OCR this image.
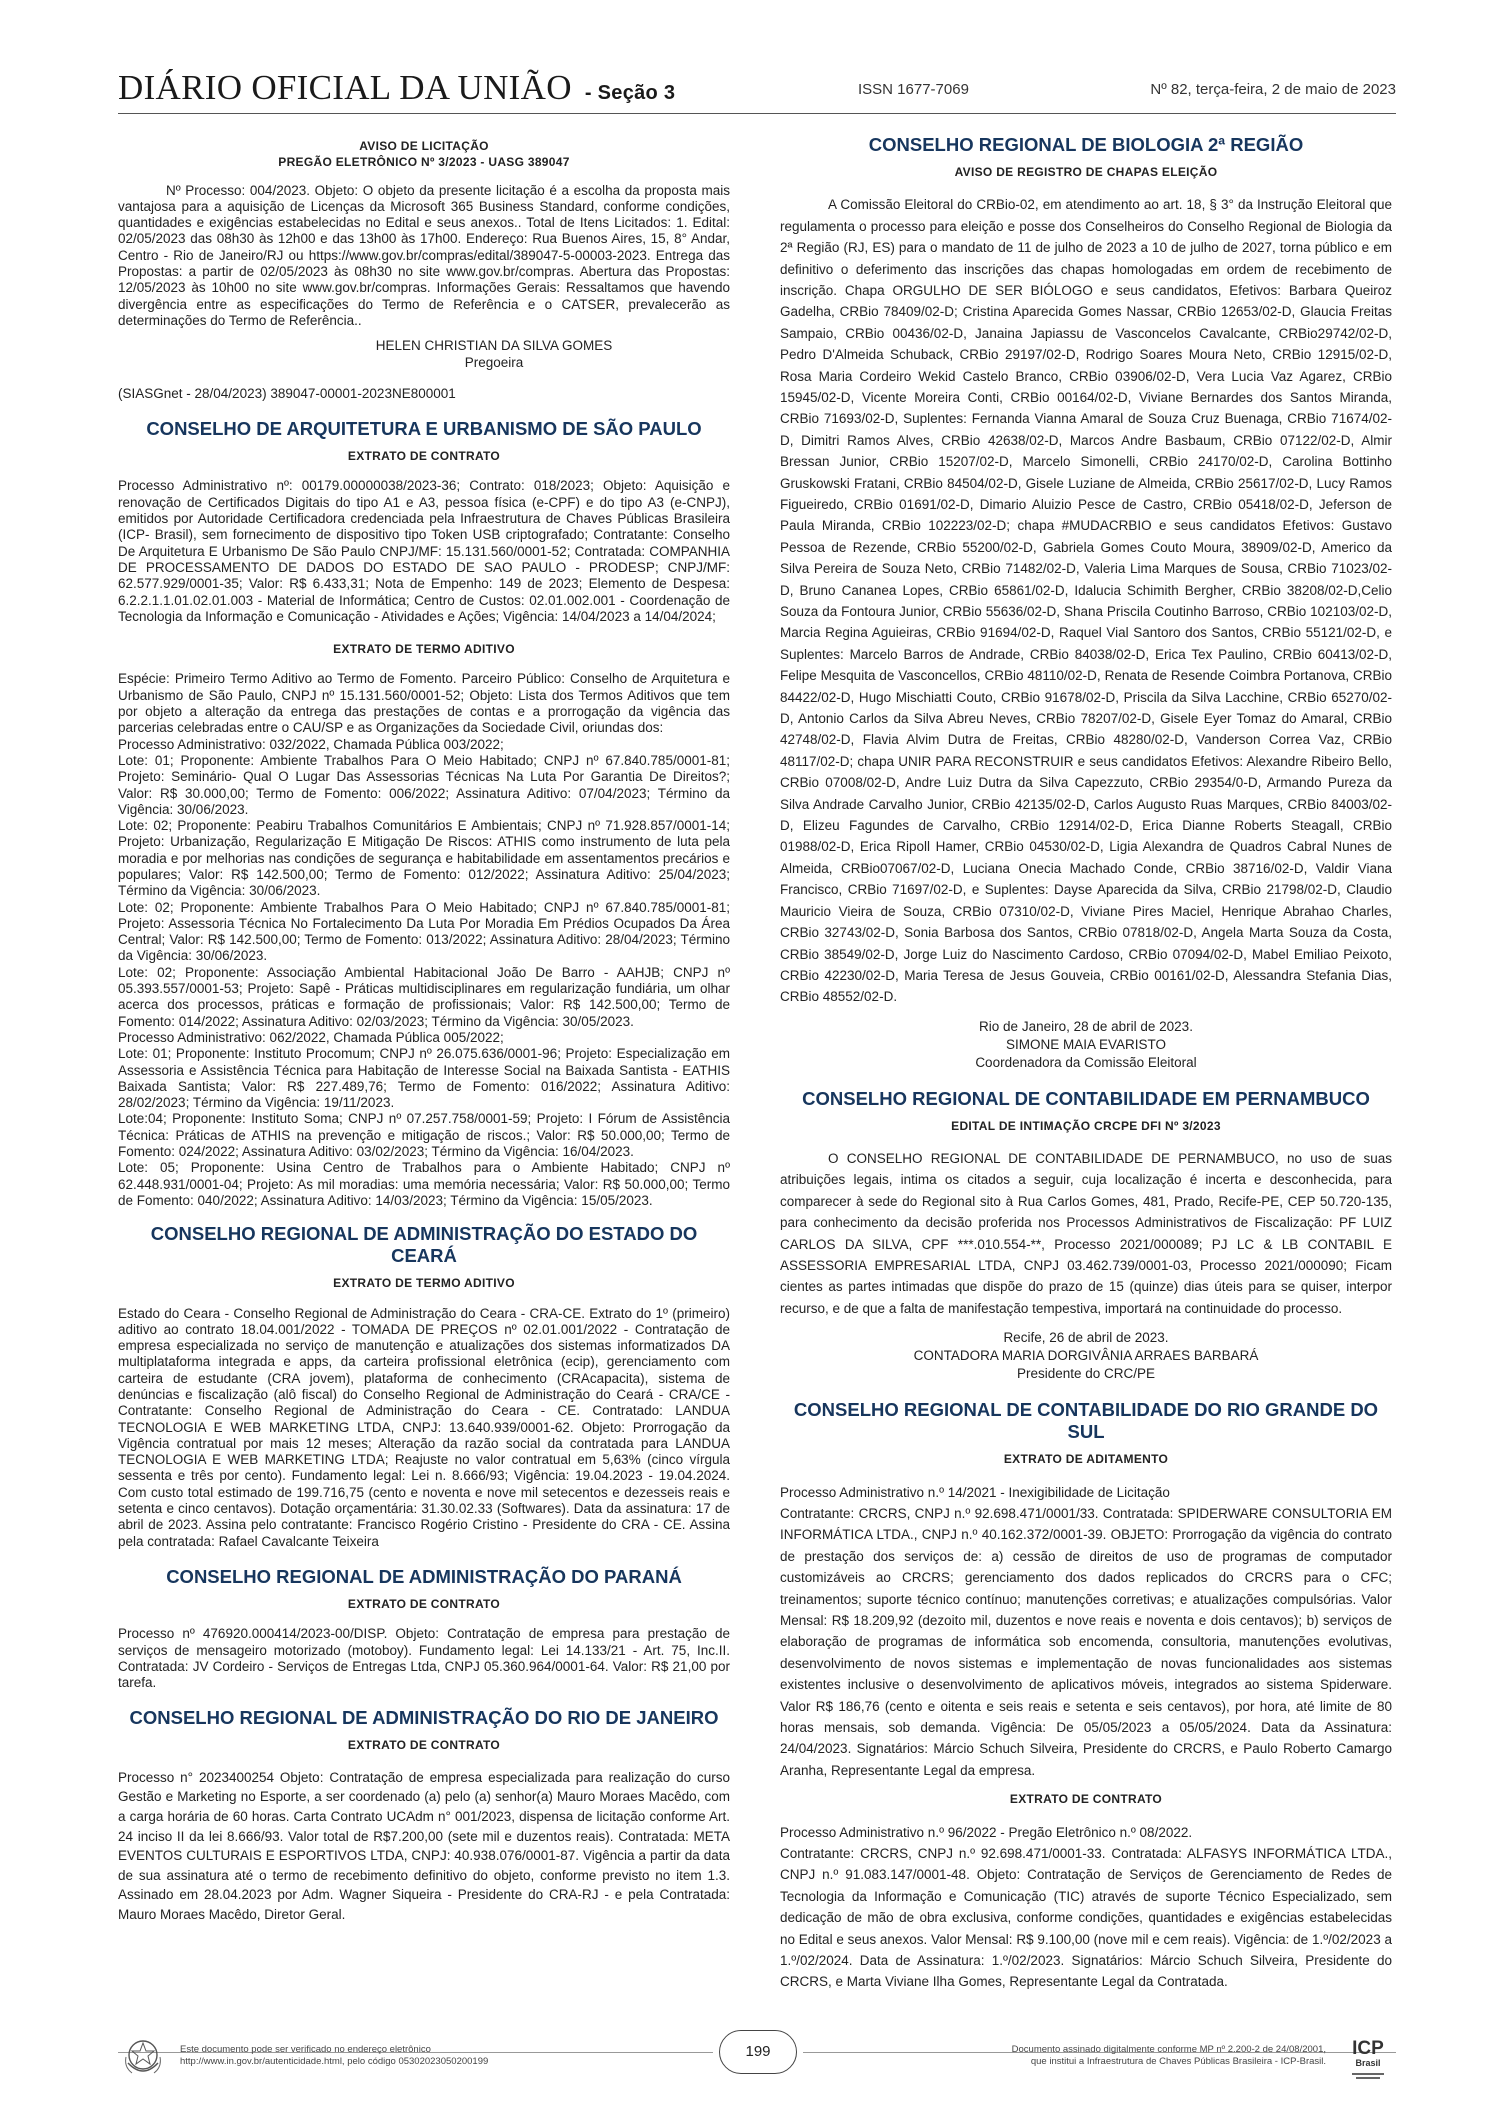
DIÁRIO OFICIAL DA UNIÃO - Seção 3	ISSN 1677-7069	Nº 82, terça-feira, 2 de maio de 2023
AVISO DE LICITAÇÃO
PREGÃO ELETRÔNICO Nº 3/2023 - UASG 389047

Nº Processo: 004/2023. Objeto: O objeto da presente licitação é a escolha da proposta mais vantajosa para a aquisição de Licenças da Microsoft 365 Business Standard, conforme condições, quantidades e exigências estabelecidas no Edital e seus anexos.. Total de Itens Licitados: 1. Edital: 02/05/2023 das 08h30 às 12h00 e das 13h00 às 17h00. Endereço: Rua Buenos Aires, 15, 8° Andar, Centro - Rio de Janeiro/RJ ou https://www.gov.br/compras/edital/389047-5-00003-2023. Entrega das Propostas: a partir de 02/05/2023 às 08h30 no site www.gov.br/compras. Abertura das Propostas: 12/05/2023 às 10h00 no site www.gov.br/compras. Informações Gerais: Ressaltamos que havendo divergência entre as especificações do Termo de Referência e o CATSER, prevalecerão as determinações do Termo de Referência..

HELEN CHRISTIAN DA SILVA GOMES
Pregoeira
(SIASGnet - 28/04/2023) 389047-00001-2023NE800001
CONSELHO DE ARQUITETURA E URBANISMO DE SÃO PAULO
EXTRATO DE CONTRATO

Processo Administrativo nº: 00179.00000038/2023-36; Contrato: 018/2023; Objeto: Aquisição e renovação de Certificados Digitais do tipo A1 e A3, pessoa física (e-CPF) e do tipo A3 (e-CNPJ), emitidos por Autoridade Certificadora credenciada pela Infraestrutura de Chaves Públicas Brasileira (ICP- Brasil), sem fornecimento de dispositivo tipo Token USB criptografado; Contratante: Conselho De Arquitetura E Urbanismo De São Paulo CNPJ/MF: 15.131.560/0001-52; Contratada: COMPANHIA DE PROCESSAMENTO DE DADOS DO ESTADO DE SAO PAULO - PRODESP; CNPJ/MF: 62.577.929/0001-35; Valor: R$ 6.433,31; Nota de Empenho: 149 de 2023; Elemento de Despesa: 6.2.2.1.1.01.02.01.003 - Material de Informática; Centro de Custos: 02.01.002.001 - Coordenação de Tecnologia da Informação e Comunicação - Atividades e Ações; Vigência: 14/04/2023 a 14/04/2024;

EXTRATO DE TERMO ADITIVO

Espécie: Primeiro Termo Aditivo ao Termo de Fomento. Parceiro Público: Conselho de Arquitetura e Urbanismo de São Paulo, CNPJ nº 15.131.560/0001-52; Objeto: Lista dos Termos Aditivos que tem por objeto a alteração da entrega das prestações de contas e a prorrogação da vigência das parcerias celebradas entre o CAU/SP e as Organizações da Sociedade Civil, oriundas dos:

Processo Administrativo: 032/2022, Chamada Pública 003/2022;

Lote: 01; Proponente: Ambiente Trabalhos Para O Meio Habitado; CNPJ nº 67.840.785/0001-81; Projeto: Seminário- Qual O Lugar Das Assessorias Técnicas Na Luta Por Garantia De Direitos?; Valor: R$ 30.000,00; Termo de Fomento: 006/2022; Assinatura Aditivo: 07/04/2023; Término da Vigência: 30/06/2023.

Lote: 02; Proponente: Peabiru Trabalhos Comunitários E Ambientais; CNPJ nº 71.928.857/0001-14; Projeto: Urbanização, Regularização E Mitigação De Riscos: ATHIS como instrumento de luta pela moradia e por melhorias nas condições de segurança e habitabilidade em assentamentos precários e populares; Valor: R$ 142.500,00; Termo de Fomento: 012/2022; Assinatura Aditivo: 25/04/2023; Término da Vigência: 30/06/2023.

Lote: 02; Proponente: Ambiente Trabalhos Para O Meio Habitado; CNPJ nº 67.840.785/0001-81; Projeto: Assessoria Técnica No Fortalecimento Da Luta Por Moradia Em Prédios Ocupados Da Área Central; Valor: R$ 142.500,00; Termo de Fomento: 013/2022; Assinatura Aditivo: 28/04/2023; Término da Vigência: 30/06/2023.

Lote: 02; Proponente: Associação Ambiental Habitacional João De Barro - AAHJB; CNPJ nº 05.393.557/0001-53; Projeto: Sapê - Práticas multidisciplinares em regularização fundiária, um olhar acerca dos processos, práticas e formação de profissionais; Valor: R$ 142.500,00; Termo de Fomento: 014/2022; Assinatura Aditivo: 02/03/2023; Término da Vigência: 30/05/2023.

Processo Administrativo: 062/2022, Chamada Pública 005/2022;

Lote: 01; Proponente: Instituto Procomum; CNPJ nº 26.075.636/0001-96; Projeto: Especialização em Assessoria e Assistência Técnica para Habitação de Interesse Social na Baixada Santista - EATHIS Baixada Santista; Valor: R$ 227.489,76; Termo de Fomento: 016/2022; Assinatura Aditivo: 28/02/2023; Término da Vigência: 19/11/2023.

Lote:04; Proponente: Instituto Soma; CNPJ nº 07.257.758/0001-59; Projeto: I Fórum de Assistência Técnica: Práticas de ATHIS na prevenção e mitigação de riscos.; Valor: R$ 50.000,00; Termo de Fomento: 024/2022; Assinatura Aditivo: 03/02/2023; Término da Vigência: 16/04/2023.

Lote: 05; Proponente: Usina Centro de Trabalhos para o Ambiente Habitado; CNPJ nº 62.448.931/0001-04; Projeto: As mil moradias: uma memória necessária; Valor: R$ 50.000,00; Termo de Fomento: 040/2022; Assinatura Aditivo: 14/03/2023; Término da Vigência: 15/05/2023.

CONSELHO REGIONAL DE ADMINISTRAÇÃO DO ESTADO DO CEARÁ
EXTRATO DE TERMO ADITIVO

Estado do Ceara - Conselho Regional de Administração do Ceara - CRA-CE. Extrato do 1º (primeiro) aditivo ao contrato 18.04.001/2022 - TOMADA DE PREÇOS nº 02.01.001/2022 - Contratação de empresa especializada no serviço de manutenção e atualizações dos sistemas informatizados DA multiplataforma integrada e apps, da carteira profissional eletrônica (ecip), gerenciamento com carteira de estudante (CRA jovem), plataforma de conhecimento (CRAcapacita), sistema de denúncias e fiscalização (alô fiscal) do Conselho Regional de Administração do Ceará - CRA/CE - Contratante: Conselho Regional de Administração do Ceara - CE. Contratado: LANDUA TECNOLOGIA E WEB MARKETING LTDA, CNPJ: 13.640.939/0001-62. Objeto: Prorrogação da Vigência contratual por mais 12 meses; Alteração da razão social da contratada para LANDUA TECNOLOGIA E WEB MARKETING LTDA; Reajuste no valor contratual em 5,63% (cinco vírgula sessenta e três por cento). Fundamento legal: Lei n. 8.666/93; Vigência: 19.04.2023 - 19.04.2024. Com custo total estimado de 199.716,75 (cento e noventa e nove mil setecentos e dezesseis reais e setenta e cinco centavos). Dotação orçamentária: 31.30.02.33 (Softwares). Data da assinatura: 17 de abril de 2023. Assina pelo contratante: Francisco Rogério Cristino - Presidente do CRA - CE. Assina pela contratada: Rafael Cavalcante Teixeira

CONSELHO REGIONAL DE ADMINISTRAÇÃO DO PARANÁ
EXTRATO DE CONTRATO

Processo nº 476920.000414/2023-00/DISP. Objeto: Contratação de empresa para prestação de serviços de mensageiro motorizado (motoboy). Fundamento legal: Lei 14.133/21 - Art. 75, Inc.II. Contratada: JV Cordeiro - Serviços de Entregas Ltda, CNPJ 05.360.964/0001-64. Valor: R$ 21,00 por tarefa.

CONSELHO REGIONAL DE ADMINISTRAÇÃO DO RIO DE JANEIRO
EXTRATO DE CONTRATO

Processo n° 2023400254 Objeto: Contratação de empresa especializada para realização do curso Gestão e Marketing no Esporte, a ser coordenado (a) pelo (a) senhor(a) Mauro Moraes Macêdo, com a carga horária de 60 horas. Carta Contrato UCAdm n° 001/2023, dispensa de licitação conforme Art. 24 inciso II da lei 8.666/93. Valor total de R$7.200,00 (sete mil e duzentos reais). Contratada: META EVENTOS CULTURAIS E ESPORTIVOS LTDA, CNPJ: 40.938.076/0001-87. Vigência a partir da data de sua assinatura até o termo de recebimento definitivo do objeto, conforme previsto no item 1.3. Assinado em 28.04.2023 por Adm. Wagner Siqueira - Presidente do CRA-RJ - e pela Contratada: Mauro Moraes Macêdo, Diretor Geral.

CONSELHO REGIONAL DE BIOLOGIA 2ª REGIÃO
AVISO DE REGISTRO DE CHAPAS ELEIÇÃO

A Comissão Eleitoral do CRBio-02, em atendimento ao art. 18, § 3° da Instrução Eleitoral que regulamenta o processo para eleição e posse dos Conselheiros do Conselho Regional de Biologia da 2ª Região (RJ, ES) para o mandato de 11 de julho de 2023 a 10 de julho de 2027, torna público e em definitivo o deferimento das inscrições das chapas homologadas em ordem de recebimento de inscrição. Chapa ORGULHO DE SER BIÓLOGO e seus candidatos, Efetivos: Barbara Queiroz Gadelha, CRBio 78409/02-D; Cristina Aparecida Gomes Nassar, CRBio 12653/02-D, Glaucia Freitas Sampaio, CRBio 00436/02-D, Janaina Japiassu de Vasconcelos Cavalcante, CRBio29742/02-D, Pedro D'Almeida Schuback, CRBio 29197/02-D, Rodrigo Soares Moura Neto, CRBio 12915/02-D, Rosa Maria Cordeiro Wekid Castelo Branco, CRBio 03906/02-D, Vera Lucia Vaz Agarez, CRBio 15945/02-D, Vicente Moreira Conti, CRBio 00164/02-D, Viviane Bernardes dos Santos Miranda, CRBio 71693/02-D, Suplentes: Fernanda Vianna Amaral de Souza Cruz Buenaga, CRBio 71674/02-D, Dimitri Ramos Alves, CRBio 42638/02-D, Marcos Andre Basbaum, CRBio 07122/02-D, Almir Bressan Junior, CRBio 15207/02-D, Marcelo Simonelli, CRBio 24170/02-D, Carolina Bottinho Gruskowski Fratani, CRBio 84504/02-D, Gisele Luziane de Almeida, CRBio 25617/02-D, Lucy Ramos Figueiredo, CRBio 01691/02-D, Dimario Aluizio Pesce de Castro, CRBio 05418/02-D, Jeferson de Paula Miranda, CRBio 102223/02-D; chapa #MUDACRBIO e seus candidatos Efetivos: Gustavo Pessoa de Rezende, CRBio 55200/02-D, Gabriela Gomes Couto Moura, 38909/02-D, Americo da Silva Pereira de Souza Neto, CRBio 71482/02-D, Valeria Lima Marques de Sousa, CRBio 71023/02-D, Bruno Cananea Lopes, CRBio 65861/02-D, Idalucia Schimith Bergher, CRBio 38208/02-D,Celio Souza da Fontoura Junior, CRBio 55636/02-D, Shana Priscila Coutinho Barroso, CRBio 102103/02-D, Marcia Regina Aguieiras, CRBio 91694/02-D, Raquel Vial Santoro dos Santos, CRBio 55121/02-D, e Suplentes: Marcelo Barros de Andrade, CRBio 84038/02-D, Erica Tex Paulino, CRBio 60413/02-D, Felipe Mesquita de Vasconcellos, CRBio 48110/02-D, Renata de Resende Coimbra Portanova, CRBio 84422/02-D, Hugo Mischiatti Couto, CRBio 91678/02-D, Priscila da Silva Lacchine, CRBio 65270/02-D, Antonio Carlos da Silva Abreu Neves, CRBio 78207/02-D, Gisele Eyer Tomaz do Amaral, CRBio 42748/02-D, Flavia Alvim Dutra de Freitas, CRBio 48280/02-D, Vanderson Correa Vaz, CRBio 48117/02-D; chapa UNIR PARA RECONSTRUIR e seus candidatos Efetivos: Alexandre Ribeiro Bello, CRBio 07008/02-D, Andre Luiz Dutra da Silva Capezzuto, CRBio 29354/0-D, Armando Pureza da Silva Andrade Carvalho Junior, CRBio 42135/02-D, Carlos Augusto Ruas Marques, CRBio 84003/02-D, Elizeu Fagundes de Carvalho, CRBio 12914/02-D, Erica Dianne Roberts Steagall, CRBio 01988/02-D, Erica Ripoll Hamer, CRBio 04530/02-D, Ligia Alexandra de Quadros Cabral Nunes de Almeida, CRBio07067/02-D, Luciana Onecia Machado Conde, CRBio 38716/02-D, Valdir Viana Francisco, CRBio 71697/02-D, e Suplentes: Dayse Aparecida da Silva, CRBio 21798/02-D, Claudio Mauricio Vieira de Souza, CRBio 07310/02-D, Viviane Pires Maciel, Henrique Abrahao Charles, CRBio 32743/02-D, Sonia Barbosa dos Santos, CRBio 07818/02-D, Angela Marta Souza da Costa, CRBio 38549/02-D, Jorge Luiz do Nascimento Cardoso, CRBio 07094/02-D, Mabel Emiliao Peixoto, CRBio 42230/02-D, Maria Teresa de Jesus Gouveia, CRBio 00161/02-D, Alessandra Stefania Dias, CRBio 48552/02-D.

Rio de Janeiro, 28 de abril de 2023.
SIMONE MAIA EVARISTO
Coordenadora da Comissão Eleitoral
CONSELHO REGIONAL DE CONTABILIDADE EM PERNAMBUCO
EDITAL DE INTIMAÇÃO CRCPE DFI Nº 3/2023

O CONSELHO REGIONAL DE CONTABILIDADE DE PERNAMBUCO, no uso de suas atribuições legais, intima os citados a seguir, cuja localização é incerta e desconhecida, para comparecer à sede do Regional sito à Rua Carlos Gomes, 481, Prado, Recife-PE, CEP 50.720-135, para conhecimento da decisão proferida nos Processos Administrativos de Fiscalização: PF LUIZ CARLOS DA SILVA, CPF ***.010.554-**, Processo 2021/000089; PJ LC & LB CONTABIL E ASSESSORIA EMPRESARIAL LTDA, CNPJ 03.462.739/0001-03, Processo 2021/000090; Ficam cientes as partes intimadas que dispõe do prazo de 15 (quinze) dias úteis para se quiser, interpor recurso, e de que a falta de manifestação tempestiva, importará na continuidade do processo.

Recife, 26 de abril de 2023.
CONTADORA MARIA DORGIVÂNIA ARRAES BARBARÁ
Presidente do CRC/PE
CONSELHO REGIONAL DE CONTABILIDADE DO RIO GRANDE DO SUL
EXTRATO DE ADITAMENTO

Processo Administrativo n.º 14/2021 - Inexigibilidade de Licitação

Contratante: CRCRS, CNPJ n.º 92.698.471/0001/33. Contratada: SPIDERWARE CONSULTORIA EM INFORMÁTICA LTDA., CNPJ n.º 40.162.372/0001-39. OBJETO: Prorrogação da vigência do contrato de prestação dos serviços de: a) cessão de direitos de uso de programas de computador customizáveis ao CRCRS; gerenciamento dos dados replicados do CRCRS para o CFC; treinamentos; suporte técnico contínuo; manutenções corretivas; e atualizações compulsórias. Valor Mensal: R$ 18.209,92 (dezoito mil, duzentos e nove reais e noventa e dois centavos); b) serviços de elaboração de programas de informática sob encomenda, consultoria, manutenções evolutivas, desenvolvimento de novos sistemas e implementação de novas funcionalidades aos sistemas existentes inclusive o desenvolvimento de aplicativos móveis, integrados ao sistema Spiderware. Valor R$ 186,76 (cento e oitenta e seis reais e setenta e seis centavos), por hora, até limite de 80 horas mensais, sob demanda. Vigência: De 05/05/2023 a 05/05/2024. Data da Assinatura: 24/04/2023. Signatários: Márcio Schuch Silveira, Presidente do CRCRS, e Paulo Roberto Camargo Aranha, Representante Legal da empresa.

EXTRATO DE CONTRATO

Processo Administrativo n.º 96/2022 - Pregão Eletrônico n.º 08/2022.

Contratante: CRCRS, CNPJ n.º 92.698.471/0001-33. Contratada: ALFASYS INFORMÁTICA LTDA., CNPJ n.º 91.083.147/0001-48. Objeto: Contratação de Serviços de Gerenciamento de Redes de Tecnologia da Informação e Comunicação (TIC) através de suporte Técnico Especializado, sem dedicação de mão de obra exclusiva, conforme condições, quantidades e exigências estabelecidas no Edital e seus anexos. Valor Mensal: R$ 9.100,00 (nove mil e cem reais). Vigência: de 1.º/02/2023 a 1.º/02/2024. Data de Assinatura: 1.º/02/2023. Signatários: Márcio Schuch Silveira, Presidente do CRCRS, e Marta Viviane Ilha Gomes, Representante Legal da Contratada.

Este documento pode ser verificado no endereço eletrônico
http://www.in.gov.br/autenticidade.html, pelo código 05302023050200199
199	Documento assinado digitalmente conforme MP nº 2.200-2 de 24/08/2001,
que institui a Infraestrutura de Chaves Públicas Brasileira - ICP-Brasil.
ICP
Brasil
